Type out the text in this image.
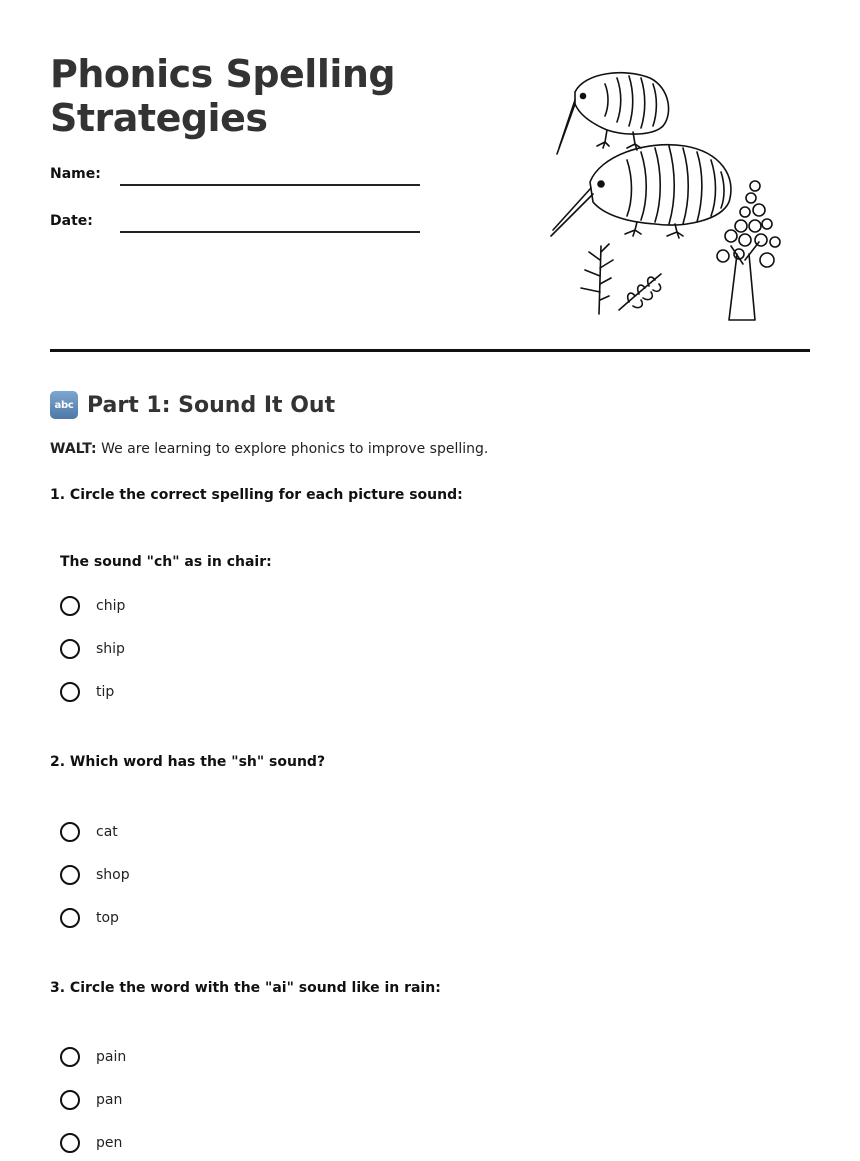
Phonics Spelling
Strategies
Name:
Date:
abc Part 1: Sound It Out
WALT: We are learning to explore phonics to improve spelling.
1. Circle the correct spelling for each picture sound:
The sound "ch" as in chair:
chip
ship
tip
2. Which word has the "sh" sound?
cat
shop
top
3. Circle the word with the "ai" sound like in rain:
pain
pan
pen
